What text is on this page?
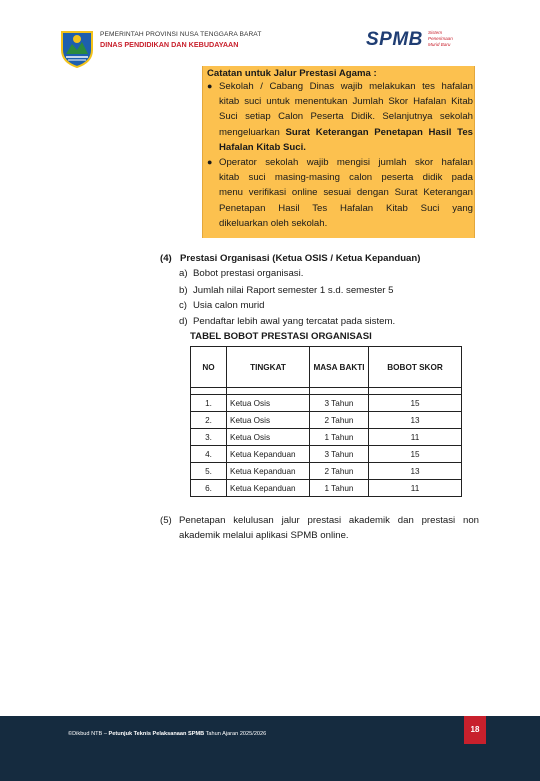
PEMERINTAH PROVINSI NUSA TENGGARA BARAT
DINAS PENDIDIKAN DAN KEBUDAYAAN	SPMB Sistem
Penerimaan
Murid Baru
Catatan untuk Jalur Prestasi Agama :
● Sekolah / Cabang Dinas wajib melakukan tes hafalan
kitab suci untuk menentukan Jumlah Skor Hafalan Kitab
Suci setiap Calon Peserta Didik. Selanjutnya sekolah
mengeluarkan Surat Keterangan Penetapan Hasil Tes
Hafalan Kitab Suci.
● Operator sekolah wajib mengisi jumlah skor hafalan
kitab suci masing-masing calon peserta didik pada
menu verifikasi online sesuai dengan Surat Keterangan
Penetapan Hasil Tes Hafalan Kitab Suci yang
dikeluarkan oleh sekolah.
(4) Prestasi Organisasi (Ketua OSIS / Ketua Kepanduan)
a) Bobot prestasi organisasi.
b) Jumlah nilai Raport semester 1 s.d. semester 5
c) Usia calon murid
d) Pendaftar lebih awal yang tercatat pada sistem.
TABEL BOBOT PRESTASI ORGANISASI
NO	TINGKAT	MASA BAKTI	BOBOT SKOR

1.	Ketua Osis	3 Tahun	15
2.	Ketua Osis	2 Tahun	13
3.	Ketua Osis	1 Tahun	11
4.	Ketua Kepanduan	3 Tahun	15
5.	Ketua Kepanduan	2 Tahun	13
6.	Ketua Kepanduan	1 Tahun	11
(5) Penetapan kelulusan jalur prestasi akademik dan prestasi non
akademik melalui aplikasi SPMB online.
©Dikbud NTB – Petunjuk Teknis Pelaksanaan SPMB Tahun Ajaran 2025/2026	18
